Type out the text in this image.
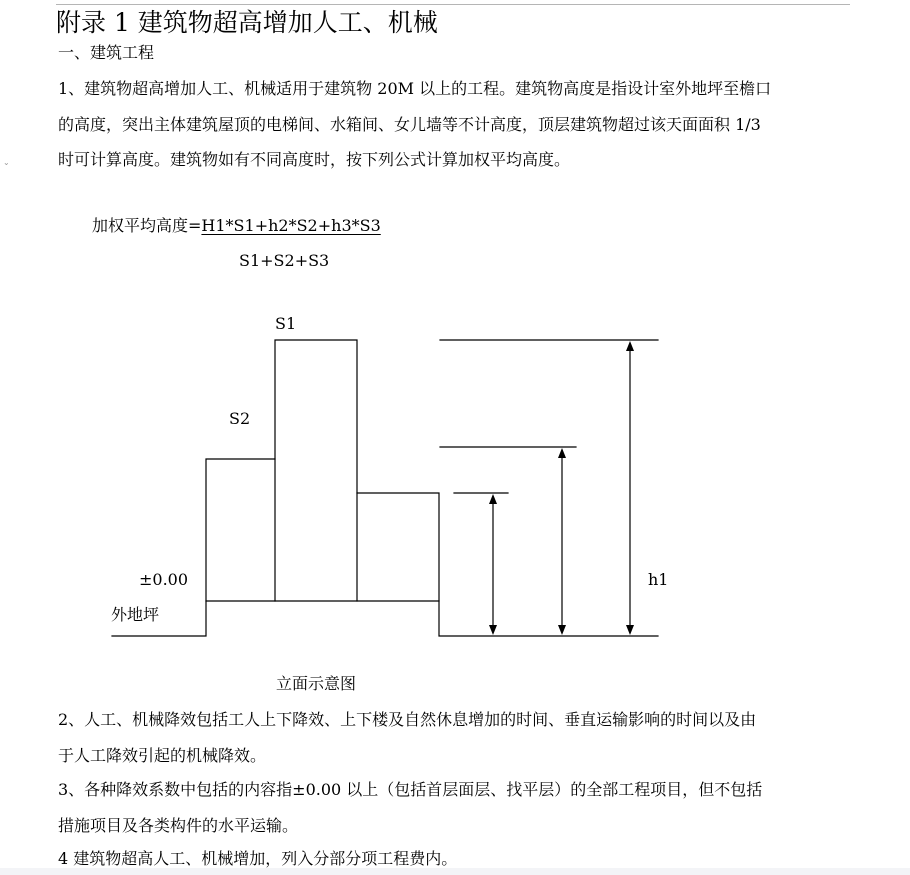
⌄
附录 1 建筑物超高增加人工、机械
一、建筑工程
1、建筑物超高增加人工、机械适用于建筑物 20M 以上的工程。建筑物高度是指设计室外地坪至檐口
的高度，突出主体建筑屋顶的电梯间、水箱间、女儿墙等不计高度，顶层建筑物超过该天面面积 1/3
时可计算高度。建筑物如有不同高度时，按下列公式计算加权平均高度。
加权平均高度=H1*S1+h2*S2+h3*S3
S1+S2+S3
S1
S2
±0.00
外地坪
h1
立面示意图
2、人工、机械降效包括工人上下降效、上下楼及自然休息增加的时间、垂直运输影响的时间以及由
于人工降效引起的机械降效。
3、各种降效系数中包括的内容指±0.00 以上（包括首层面层、找平层）的全部工程项目，但不包括
措施项目及各类构件的水平运输。
4 建筑物超高人工、机械增加，列入分部分项工程费内。
